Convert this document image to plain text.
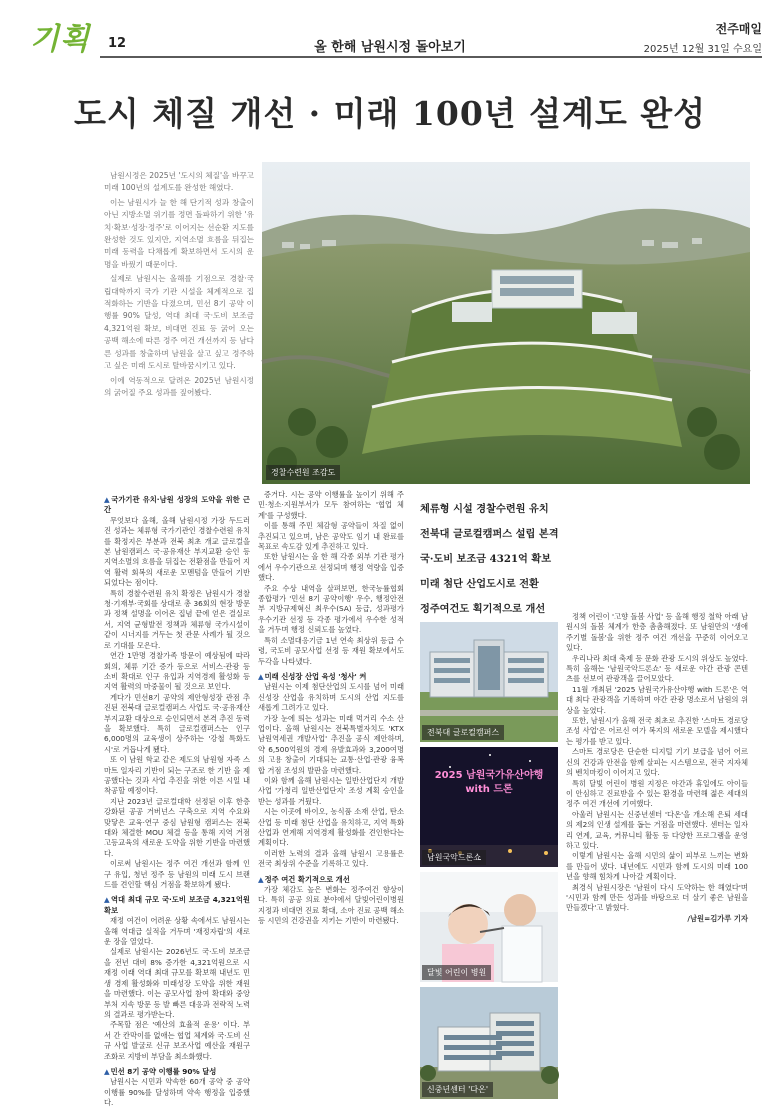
기획 12	올 한해 남원시정 돌아보기
전주매일
2025년 12월 31일 수요일
도시 체질 개선 · 미래 100년 설계도 완성

남원시정은 2025년 '도시의 체질'을 바꾸고 미래 100년의 설계도를 완성한 해였다.

이는 남원시가 늘 한 해 단기적 성과 창출이 아닌 지방소멸 위기를 정면 돌파하기 위한 '유치·확보·성장·정주'로 이어지는 선순환 지도를 완성한 것도 있지만, 지역소멸 흐름을 뒤집는 미래 동력을 다채롭게 확보하면서 도시의 운명을 바꿨기 때문이다.

실제로 남원시는 올해를 기점으로 경찰·국립대학까지 국가 기관 시설을 체계적으로 집적화하는 기반을 다졌으며, 민선 8기 공약 이행률 90% 달성, 역대 최대 국·도비 보조금 4,321억원 확보, 비대면 진료 등 굵어 오는 공백 해소에 따른 정주 여건 개선까지 등 남다른 성과를 창출하며 남원을 살고 싶고 정주하고 싶은 미래 도시로 탈바꿈시키고 있다.

이에 역동적으로 달려온 2025년 남원시정의 굵어질 주요 성과를 짚어봤다.

경찰수련원 조감도

▲국가기관 유치·남원 성장의 도약을 위한 근간

무엇보다 올해, 올해 남원시정 가장 두드러진 성과는 체류형 국가기관인 경찰수련원 유치를 확정지은 부분과 전북 최초 개교 글로컬을 본 남원캠퍼스 국·공유재산 부지교환 승인 등 지역소멸의 흐름을 뒤집는 전환점을 만들어 지역 활력 회복의 새로운 모멘텀을 만들어 기반 되었다는 점이다.

특히 경찰수련원 유치 확정은 남원시가 경찰청·기재부·국회를 상대로 총 36회의 현장 방문과 정책 설명을 이어온 집념 끝에 얻은 결실로서, 지역 균형발전 정책과 체류형 국가시설이 같이 시너지를 거두는 첫 관문 사례가 될 것으로 기대를 모은다.

연간 1만명 경찰가족 방문이 예상됨에 따라 회의, 체류 기간 증가 등으로 서비스·관광 등 소비 확대로 인구 유입과 지역경제 활성화 등 지역 활력의 마중물이 될 것으로 보인다.

게다가 민선8기 공약의 제안형성장 관점 추진된 전북대 글로컬캠퍼스 사업도 국·공유재산 부지교환 대상으로 승인되면서 본격 추진 동력을 확보했다. 특히 글로컬캠퍼스는 인구 6,000명의 교육생이 상주하는 '강철 특화도시'로 거듭나게 됐다.

또 이 남원 학교 같은 제도의 남원형 자족 스마트 일자리 기반이 되는 구조로 한 기반 을 제공했다는 것과 사업 추진을 위한 이른 시일 내 착공할 예정이다.

지난 2023년 글로컬대학 선정된 이후 한층 강화된 공공 거버넌스 구축으로 지역 수요와 맞닿은 교육·연구 중심 남원형 캠퍼스는 전북대와 체결한 MOU 체결 등을 통해 지역 거점 고등교육의 새로운 도약을 위한 기반을 마련했다.

이로써 남원시는 정주 여건 개선과 함께 인구 유입, 청년 정주 등 남원의 미래 도시 브랜드를 견인할 핵심 거점을 확보하게 됐다.

▲역대 최대 규모 국·도비 보조금 4,321억원 확보

재정 여건이 어려운 상황 속에서도 남원시는 올해 역대급 실적을 거두며 '재정자립'의 새로운 장을 열었다.

실제로 남원시는 2026년도 국·도비 보조금을 전년 대비 8% 증가한 4,321억원으로 시 재정 이래 역대 최대 규모를 확보해 내년도 민생 경제 활성화와 미래성장 도약을 위한 재원을 마련했다. 이는 공모사업 참여 확대와 중앙부처 지속 방문 등 발 빠른 대응과 전략적 노력의 결과로 평가받는다.

주목할 점은 '예산의 효율적 운용' 이다. 부서 간 칸막이를 없애는 협업 체계와 국·도비 신규 사업 발굴로 신규 보조사업 예산을 재원구조화로 지방비 부담을 최소화했다.

▲민선 8기 공약 이행률 90% 달성

남원시는 시민과 약속한 60개 공약 중 공약 이행률 90%를 달성하며 약속 행정을 입증했다.

증거다. 시는 공약 이행률을 높이기 위해 주민·청소·지원부서가 모두 참여하는 '협업 체계'를 구성했다.

이를 통해 주민 체감형 공약들이 차질 없이 추진되고 있으며, 남은 공약도 임기 내 완료를 목표로 속도감 있게 추진하고 있다.

또한 남원시는 올 한 해 각종 외부 기관 평가에서 우수기관으로 선정되며 행정 역량을 입증했다.

주요 수상 내역을 살펴보면, 한국능률협회 종합평가 '민선 8기 공약이행' 우수, 행정안전부 지방규제혁신 최우수(SA) 등급, 성과평가 우수기관 선정 등 각종 평가에서 우수한 성적을 거두며 행정 신뢰도를 높였다.

특히 소멸대응기금 1년 연속 최상위 등급 수령, 국도비 공모사업 선정 등 재원 확보에서도 두각을 나타냈다.

▲미래 신성장 산업 육성 '청사' 켜

남원시는 이제 첨단산업의 도시를 넘어 미래 신성장 산업을 유치하며 도시의 산업 지도를 새롭게 그려가고 있다.

가장 눈에 띄는 성과는 미래 먹거리 수소 산업이다. 올해 남원시는 전북특별자치도 'KTX 남원역세권 개발사업' 추진을 공식 제안하며, 약 6,500억원의 경제 유발효과와 3,200여명의 고용 창출이 기대되는 교통·산업·관광 융복합 거점 조성의 발판을 마련했다.

이와 함께 올해 남원시는 일반산업단지 개발사업 '가청리 일반산업단지' 조성 계획 승인을 받는 성과를 거뒀다.

시는 이곳에 바이오, 농식품 소재 산업, 탄소 산업 등 미래 첨단 산업을 유치하고, 지역 특화 산업과 연계해 지역경제 활성화를 견인한다는 계획이다.

이러한 노력의 결과 올해 남원시 고용률은 전국 최상위 수준을 기록하고 있다.

▲정주 여건 확기적으로 개선

가장 체감도 높은 변화는 정주여건 향상이다. 특히 공공 의료 분야에서 달빛어린이병원 지정과 비대면 진료 확대, 소아 진료 공백 해소 등 시민의 건강권을 지키는 기반이 마련됐다.

체류형 시설 경찰수련원 유치
전북대 글로컬캠퍼스 설립 본격
국·도비 보조금 4321억 확보
미래 첨단 산업도시로 전환
정주여건도 획기적으로 개선
전북대 글로컬캠퍼스
2025 남원국가유산야행 with 드론
남원국악드론쇼
달빛 어린이 병원
신중년센터 '다온'

정책 어린이 '고향 돌봄 사업' 등 올해 행정 철학 아래 남원시의 돌봄 체계가 한층 촘촘해졌다. 또 남원만의 '생애 주기별 돌봄'을 위한 정주 여건 개선을 꾸준히 이어오고 있다.

우리나라 최대 축제 등 문화 관광 도시의 위상도 높였다. 특히 올해는 '남원국악드론쇼' 등 새로운 야간 관광 콘텐츠를 선보여 관광객을 끌어모았다.

11월 개최된 '2025 남원국가유산야행 with 드론'은 역대 최다 관광객을 기록하며 야간 관광 명소로서 남원의 위상을 높였다.

또한, 남원시가 올해 전국 최초로 추진한 '스마트 경로당 조성 사업'은 어르신 여가 복지의 새로운 모델을 제시했다는 평가를 받고 있다.

스마트 경로당은 단순한 디지털 기기 보급을 넘어 어르신의 건강과 안전을 함께 살피는 시스템으로, 전국 지자체의 벤치마킹이 이어지고 있다.

특히 달빛 어린이 병원 지정은 야간과 휴일에도 아이들이 안심하고 진료받을 수 있는 환경을 마련해 젊은 세대의 정주 여건 개선에 기여했다.

아울러 남원시는 신중년센터 '다온'을 개소해 은퇴 세대의 제2의 인생 설계를 돕는 거점을 마련했다. 센터는 일자리 연계, 교육, 커뮤니티 활동 등 다양한 프로그램을 운영하고 있다.

이렇게 남원시는 올해 시민의 삶이 피부로 느끼는 변화를 만들어 냈다. 내년에도 시민과 함께 도시의 미래 100년을 향해 힘차게 나아갈 계획이다.

최경식 남원시장은 '남원이 다시 도약하는 한 해였다'며 '시민과 함께 만든 성과를 바탕으로 더 살기 좋은 남원을 만들겠다'고 밝혔다.

/남원=김가루 기자
